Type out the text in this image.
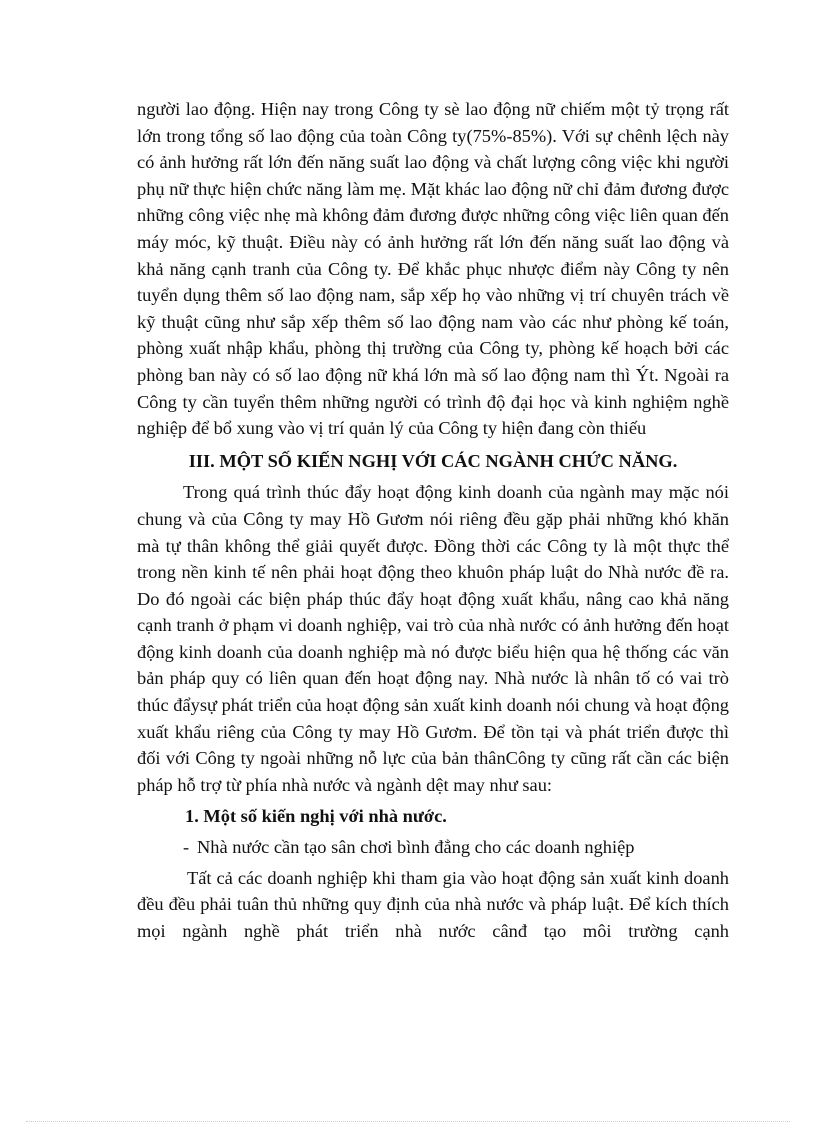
người lao động. Hiện nay trong Công ty sè lao động nữ chiếm một tỷ trọng rất lớn trong tổng số lao động của toàn Công ty(75%-85%). Với sự chênh lệch này có ảnh hưởng rất lớn đến năng suất lao động và chất lượng công việc khi người phụ nữ thực hiện chức năng làm mẹ. Mặt khác lao động nữ chỉ đảm đương được những công việc nhẹ mà không đảm đương được những công việc liên quan đến máy móc, kỹ thuật. Điều này có ảnh hưởng rất lớn đến năng suất lao động và khả năng cạnh tranh của Công ty. Để khắc phục nhược điểm này Công ty nên tuyển dụng thêm số lao động nam, sắp xếp họ vào những vị trí chuyên trách về kỹ thuật cũng như sắp xếp thêm số lao động nam vào các như phòng kế toán, phòng xuất nhập khẩu, phòng thị trường của Công ty, phòng kế hoạch bởi các phòng ban này có số lao động nữ khá lớn mà số lao động nam thì Ýt. Ngoài ra Công ty cần tuyển thêm những người có trình độ đại học và kinh nghiệm nghề nghiệp để bổ xung vào vị trí quản lý của Công ty hiện đang còn thiếu

III. MỘT SỐ KIẾN NGHỊ VỚI CÁC NGÀNH CHỨC NĂNG.

Trong quá trình thúc đẩy hoạt động kinh doanh của ngành may mặc nói chung và của Công ty may Hồ Gươm nói riêng đều gặp phải những khó khăn mà tự thân không thể giải quyết được. Đồng thời các Công ty là một thực thể trong nền kinh tế nên phải hoạt động theo khuôn pháp luật do Nhà nước đề ra. Do đó ngoài các biện pháp thúc đẩy hoạt động xuất khẩu, nâng cao khả năng cạnh tranh ở phạm vi doanh nghiệp, vai trò của nhà nước có ảnh hưởng đến hoạt động kinh doanh của doanh nghiệp mà nó được biểu hiện qua hệ thống các văn bản pháp quy có liên quan đến hoạt động nay. Nhà nước là nhân tố có vai trò thúc đẩysự phát triển của hoạt động sản xuất kinh doanh nói chung và hoạt động xuất khẩu riêng của Công ty may Hồ Gươm. Để tồn tại và phát triển được thì đối với Công ty ngoài những nỗ lực của bản thânCông ty cũng rất cần các biện pháp hỗ trợ từ phía nhà nước và ngành dệt may như sau:

1. Một số kiến nghị với nhà nước.

- Nhà nước cần tạo sân chơi bình đẳng cho các doanh nghiệp

Tất cả các doanh nghiệp khi tham gia vào hoạt động sản xuất kinh doanh đều đều phải tuân thủ những quy định của nhà nước và pháp luật. Để kích thích mọi ngành nghề phát triển nhà nước cânđ tạo môi trường cạnh
